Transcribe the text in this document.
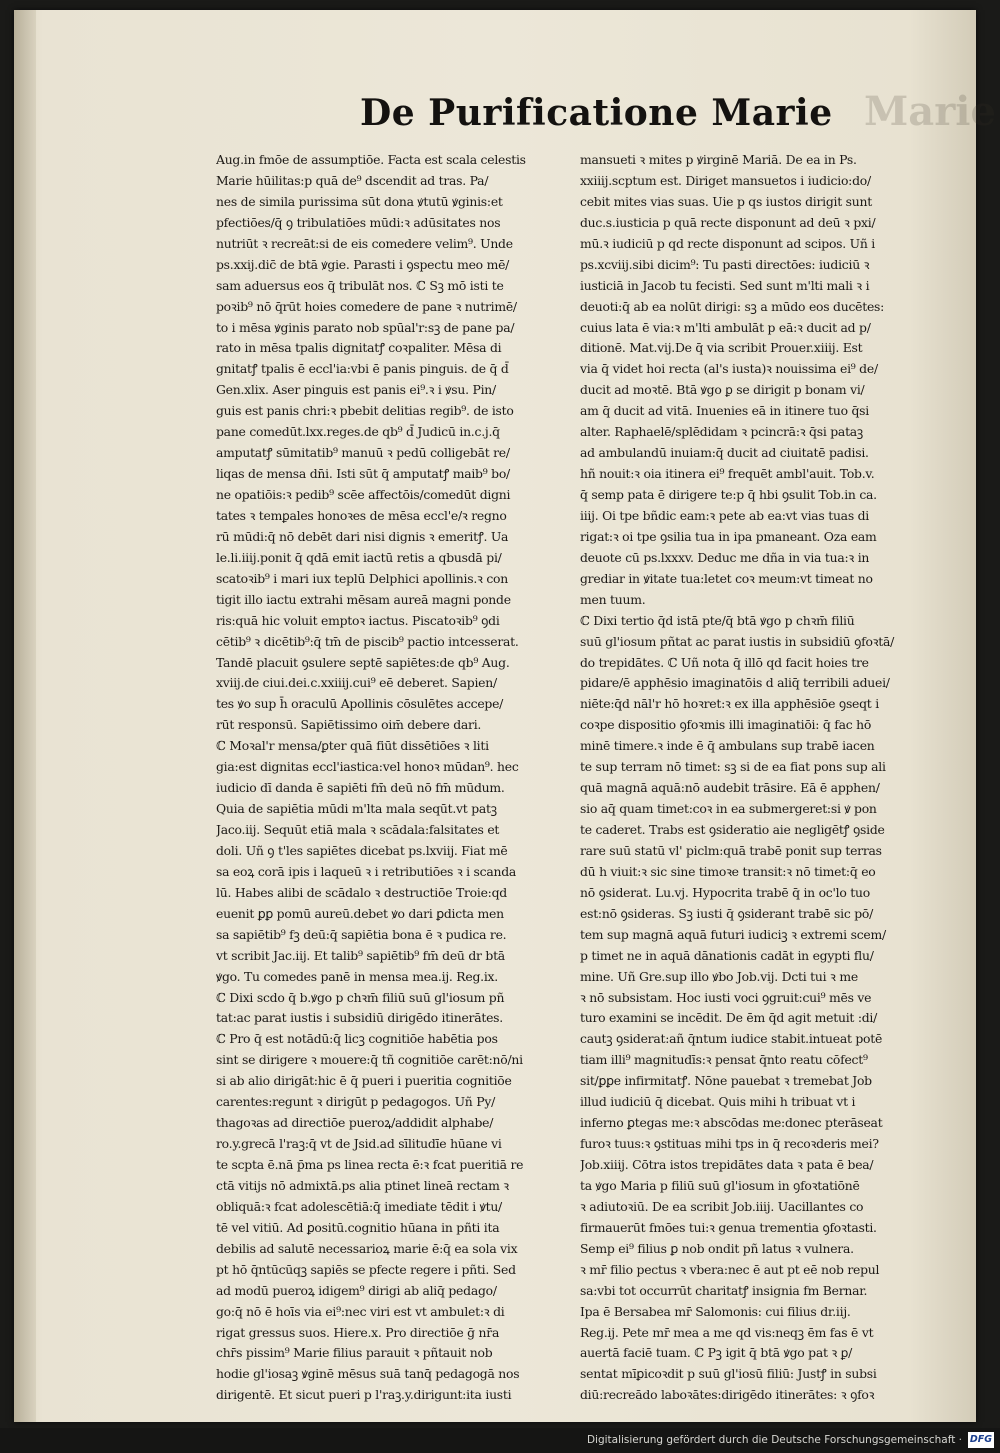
Marie
De Purificatione Marie
Aug.in fmōe de assumptiōe. Facta est scala celestis
Marie hūilitas:p quā de⁹ dscendit ad tras. Pa/
nes de simila purissima sūt dona ꝟtutū ꝟginis:et
pfectiōes/q̄ ꝯ tribulatiōes mūdi:ꝛ adūsitates nos
nutriūt ꝛ recreāt:si de eis comedere velim⁹. Unde
ps.xxij.dic̄ de btā ꝟgie. Parasti i ꝯspectu meo mē/
sam aduersus eos q̄ tribulāt nos. ℂ Sꝫ mō isti te
poꝛib⁹ nō q̄rūt hoies comedere de pane ꝛ nutrimē/
to i mēsa ꝟginis parato nob spūal'r:sꝫ de pane pa/
rato in mēsa tpalis dignitatꝭ coꝛpaliter. Mēsa di
gnitatꝭ tpalis ē eccl'ia:vbi ē panis pinguis. de q̄ d̄
Gen.xlix. Aser pinguis est panis ei⁹.ꝛ i ꝟsu. Pin/
guis est panis chri:ꝛ pbebit delitias regib⁹. de isto
pane comedūt.lxx.reges.de qb⁹ d̄ Judicū in.c.j.q̄
amputatꝭ sūmitatib⁹ manuū ꝛ pedū colligebāt re/
liqas de mensa dn̄i. Isti sūt q̄ amputatꝭ maib⁹ bo/
ne opatiōis:ꝛ pedib⁹ scēe affectōis/comedūt digni
tates ꝛ temꝑales honoꝛes de mēsa eccl'e/ꝛ regno
rū mūdi:q̄ nō debēt dari nisi dignis ꝛ emeritꝭ. Ua
le.li.iiij.ponit q̄ qdā emit iactū retis a qbusdā pi/
scatoꝛib⁹ i mari iux teplū Delphici apollinis.ꝛ con
tigit illo iactu extrahi mēsam aureā magni ponde
ris:quā hic voluit emptoꝛ iactus. Piscatoꝛib⁹ ꝯdi
cētib⁹ ꝛ dicētib⁹:q̄ tm̄ de piscib⁹ pactio intcesserat.
Tandē placuit ꝯsulere septē sapiētes:de qb⁹ Aug.
xviij.de ciui.dei.c.xxiiij.cui⁹ eē deberet. Sapien/
tes ꝟo sup h̄ oraculū Apollinis cōsulētes accepe/
rūt responsū. Sapiētissimo oim̄ debere dari.
ℂ Moꝛal'r mensa/ꝑter quā fiūt dissētiōes ꝛ liti
gia:est dignitas eccl'iastica:vel honoꝛ mūdan⁹. hec
iudicio dī danda ē sapiēti fm̄ deū nō fm̄ mūdum.
Quia de sapiētia mūdi m'lta mala seqūt.vt patꝫ
Jaco.iij. Sequūt etiā mala ꝛ scādala:falsitates et
doli. Uñ ꝯ t'les sapiētes dicebat ps.lxviij. Fiat mē
sa eoꝝ corā ipis i laqueū ꝛ i retributiōes ꝛ i scanda
lū. Habes alibi de scādalo ꝛ destructiōe Troie:qd
euenit ꝑꝑ pomū aureū.debet ꝟo dari ꝑdicta men
sa sapiētib⁹ fꝫ deū:q̄ sapiētia bona ē ꝛ pudica re.
vt scribit Jac.iij. Et talib⁹ sapiētib⁹ fm̄ deū dr btā
ꝟgo. Tu comedes panē in mensa mea.ij. Reg.ix.
ℂ Dixi scdo q̄ b.ꝟgo p chꝛm̄ filiū suū gl'iosum pñ
tat:ac parat iustis i subsidiū dirigēdo itinerātes.
ℂ Pro q̄ est notādū:q̄ licꝫ cognitiōe habētia pos
sint se dirigere ꝛ mouere:q̄ tñ cognitiōe carēt:nō/ni
si ab alio dirigāt:hic ē q̄ pueri i pueritia cognitiōe
carentes:regunt ꝛ dirigūt p pedagogos. Uñ Py/
thagoꝛas ad directiōe pueroꝝ/addidit alphabe/
ro.y.grecā l'raꝫ:q̄ vt de Jsid.ad sīlitudīe hūane vi
te scpta ē.nā p̄ma ps linea recta ē:ꝛ fcat pueritiā re
ctā vitijs nō admixtā.ps alia ptinet lineā rectam ꝛ
obliquā:ꝛ fcat adolescētiā:q̄ imediate tēdit i ꝟtu/
tē vel vitiū. Ad ꝑositū.cognitio hūana in pñti ita
debilis ad salutē necessarioꝝ marie ē:q̄ ea sola vix
pt hō q̄ntūcūqꝫ sapiēs se pfecte regere i pñti. Sed
ad modū pueroꝝ idigem⁹ dirigi ab aliq̄ pedago/
go:q̄ nō ē hoīs via ei⁹:nec viri est vt ambulet:ꝛ di
rigat gressus suos. Hiere.x. Pro directiōe ḡ nr̄a
chr̄s pissim⁹ Marie filius parauit ꝛ pñtauit nob
hodie gl'iosaꝫ ꝟginē mēsus suā tanq̄ pedagogā nos
dirigentē. Et sicut pueri p l'raꝫ.y.dirigunt:ita iusti
mansueti ꝛ mites p ꝟirginē Mariā. De ea in Ps.
xxiiij.scptum est. Diriget mansuetos i iudicio:do/
cebit mites vias suas. Uie p qs iustos dirigit sunt
duc.s.iusticia p quā recte disponunt ad deū ꝛ pxi/
mū.ꝛ iudiciū p qd recte disponunt ad scipos. Uñ i
ps.xcviij.sibi dicim⁹: Tu pasti directōes: iudiciū ꝛ
iusticiā in Jacob tu fecisti. Sed sunt m'lti mali ꝛ i
deuoti:q̄ ab ea nolūt dirigi: sꝫ a mūdo eos ducētes:
cuius lata ē via:ꝛ m'lti ambulāt p eā:ꝛ ducit ad p/
ditionē. Mat.vij.De q̄ via scribit Prouer.xiiij. Est
via q̄ videt hoi recta (al's iusta)ꝛ nouissima ei⁹ de/
ducit ad moꝛtē. Btā ꝟgo ꝑ se dirigit p bonam vi/
am q̄ ducit ad vitā. Inuenies eā in itinere tuo q̄si
alter. Raphaelē/splēdidam ꝛ pcincrā:ꝛ q̄si pataꝫ
ad ambulandū inuiam:q̄ ducit ad ciuitatē padisi.
hñ nouit:ꝛ oia itinera ei⁹ frequēt ambl'auit. Tob.v.
q̄ semp pata ē dirigere te:p q̄ hbi ꝯsulit Tob.in ca.
iiij. Oi tpe bñdic eam:ꝛ pete ab ea:vt vias tuas di
rigat:ꝛ oi tpe ꝯsilia tua in ipa pmaneant. Oza eam
deuote cū ps.lxxxv. Deduc me dña in via tua:ꝛ in
grediar in ꝟitate tua:letet coꝛ meum:vt timeat no
men tuum.
ℂ Dixi tertio q̄d istā pte/q̄ btā ꝟgo p chꝛm̄ filiū
suū gl'iosum pñtat ac parat iustis in subsidiū ꝯfoꝛtā/
do trepidātes. ℂ Uñ nota q̄ illō qd facit hoies tre
pidare/ē apphēsio imaginatōis d aliq̄ terribili aduei/
niēte:q̄d nāl'r hō hoꝛret:ꝛ ex illa apphēsiōe ꝯseqt i
coꝛpe dispositio ꝯfoꝛmis illi imaginatiōi: q̄ fac hō
minē timere.ꝛ inde ē q̄ ambulans sup trabē iacen
te sup terram nō timet: sꝫ si de ea fiat pons sup ali
quā magnā aquā:nō audebit trāsire. Eā ē apphen/
sio aq̄ quam timet:coꝛ in ea submergeret:si ꝟ pon
te caderet. Trabs est ꝯsideratio aie negligētꝭ ꝯside
rare suū statū vl' piclm:quā trabē ponit sup terras
dū h viuit:ꝛ sic sine timoꝛe transit:ꝛ nō timet:q̄ eo
nō ꝯsiderat. Lu.vj. Hypocrita trabē q̄ in oc'lo tuo
est:nō ꝯsideras. Sꝫ iusti q̄ ꝯsiderant trabē sic pō/
tem sup magnā aquā futuri iudiciꝫ ꝛ extremi scem/
p timet ne in aquā dānationis cadāt in egypti flu/
mine. Uñ Gre.sup illo ꝟbo Job.vij. Dcti tui ꝛ me
ꝛ nō subsistam. Hoc iusti voci ꝯgruit:cui⁹ mēs ve
turo examini se incēdit. De ēm q̄d agit metuit :di/
cautꝫ ꝯsiderat:añ q̄ntum iudice stabit.intueat potē
tiam illi⁹ magnitudīs:ꝛ pensat q̄nto reatu cōfect⁹
sit/ꝑꝑe infirmitatꝭ. Nōne pauebat ꝛ tremebat Job
illud iudiciū q̄ dicebat. Quis mihi h tribuat vt i
inferno ꝑtegas me:ꝛ abscōdas me:donec pterāseat
furoꝛ tuus:ꝛ ꝯstituas mihi tps in q̄ recoꝛderis mei?
Job.xiiij. Cōtra istos trepidātes data ꝛ pata ē bea/
ta ꝟgo Maria p filiū suū gl'iosum in ꝯfoꝛtatiōnē
ꝛ adiutoꝛiū. De ea scribit Job.iiij. Uacillantes co
firmauerūt fmōes tui:ꝛ genua trementia ꝯfoꝛtasti.
Semp ei⁹ filius ꝑ nob ondit pñ latus ꝛ vulnera.
ꝛ mr̄ filio pectus ꝛ vbera:nec ē aut pt eē nob repul
sa:vbi tot occurrūt charitatꝭ insignia fm Bernar.
Ipa ē Bersabea mr̄ Salomonis: cui filius dr.iij.
Reg.ij. Pete mr̄ mea a me qd vis:neqꝫ ēm fas ē vt
auertā faciē tuam. ℂ Pꝫ igit q̄ btā ꝟgo pat ꝛ ꝑ/
sentat mīꝑicoꝛdit p suū gl'iosū filiū: Justꝭ in subsi
diū:recreādo laboꝛātes:dirigēdo itinerātes: ꝛ ꝯfoꝛ
Digitalisierung gefördert durch die Deutsche Forschungsgemeinschaft · DFG
